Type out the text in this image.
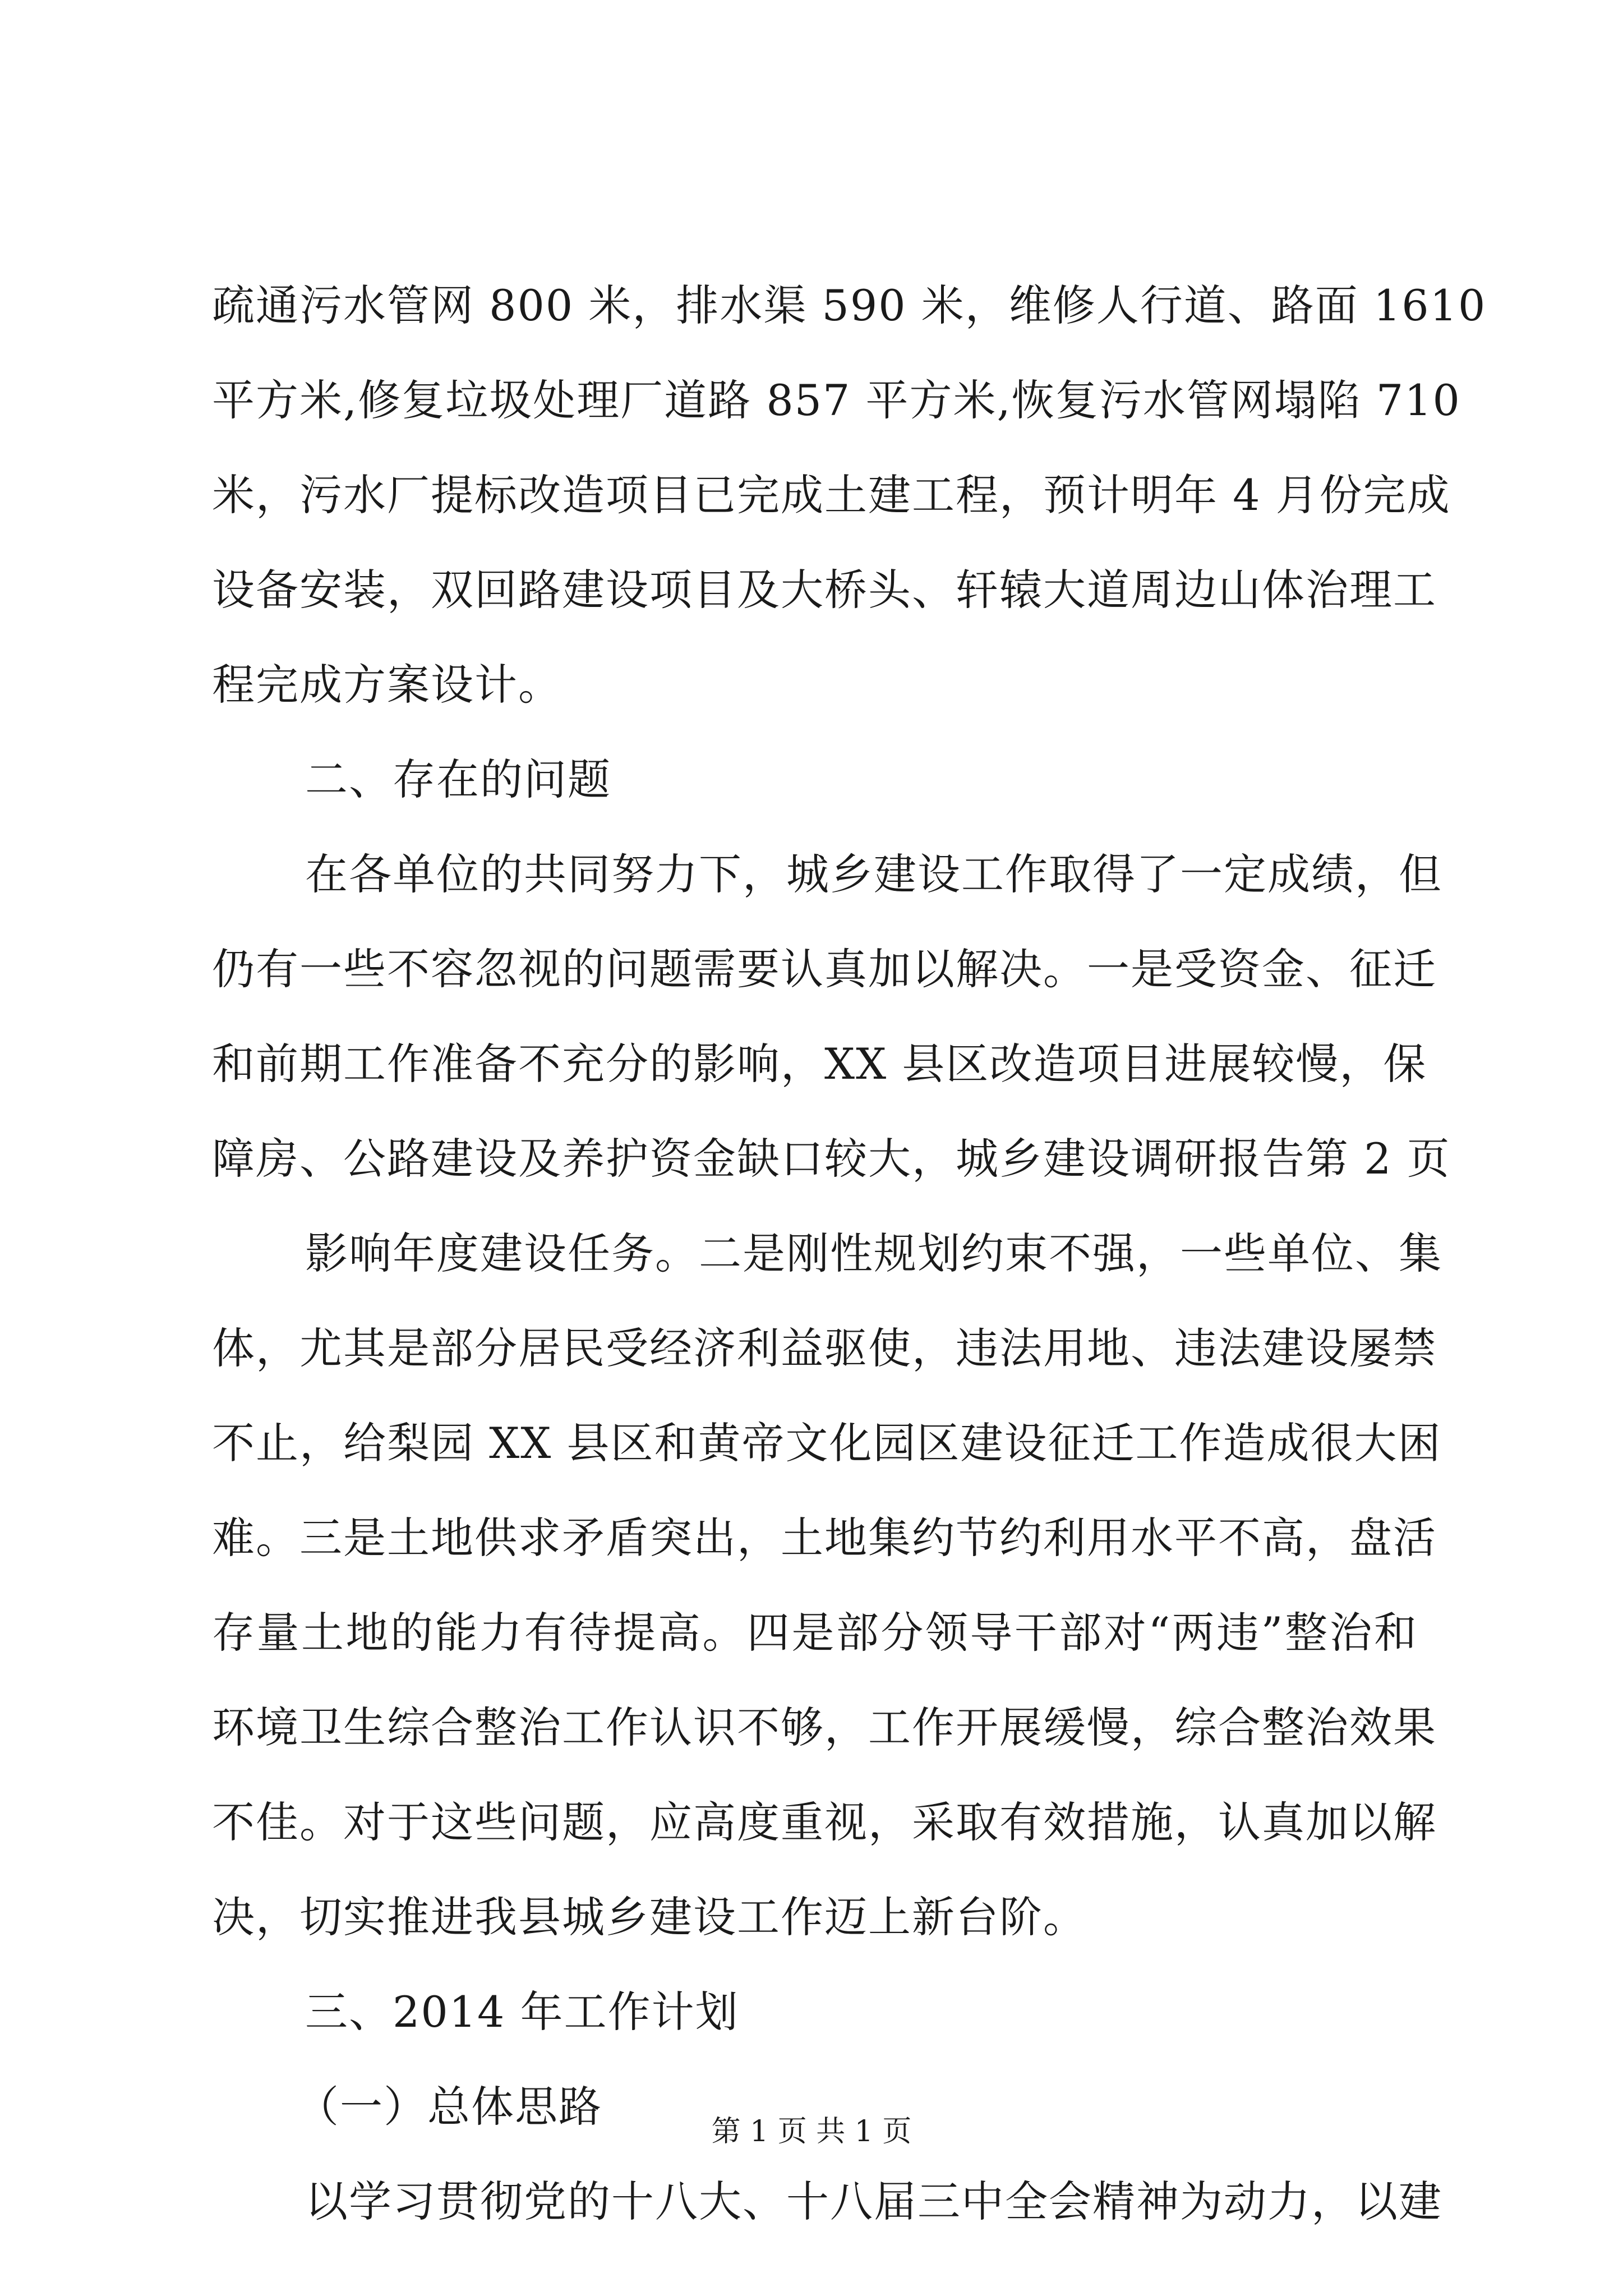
疏通污水管网 800 米，排水渠 590 米，维修人行道、路面 1610
平方米,修复垃圾处理厂道路 857 平方米,恢复污水管网塌陷 710
米，污水厂提标改造项目已完成土建工程，预计明年 4 月份完成
设备安装，双回路建设项目及大桥头、轩辕大道周边山体治理工
程完成方案设计。
二、存在的问题
在各单位的共同努力下，城乡建设工作取得了一定成绩，但
仍有一些不容忽视的问题需要认真加以解决。一是受资金、征迁
和前期工作准备不充分的影响，XX 县区改造项目进展较慢，保
障房、公路建设及养护资金缺口较大，城乡建设调研报告第 2 页
影响年度建设任务。二是刚性规划约束不强，一些单位、集
体，尤其是部分居民受经济利益驱使，违法用地、违法建设屡禁
不止，给梨园 XX 县区和黄帝文化园区建设征迁工作造成很大困
难。三是土地供求矛盾突出，土地集约节约利用水平不高，盘活
存量土地的能力有待提高。四是部分领导干部对“两违”整治和
环境卫生综合整治工作认识不够，工作开展缓慢，综合整治效果
不佳。对于这些问题，应高度重视，采取有效措施，认真加以解
决，切实推进我县城乡建设工作迈上新台阶。
三、2014 年工作计划
（一）总体思路
以学习贯彻党的十八大、十八届三中全会精神为动力，以建
第 1 页 共 1 页
